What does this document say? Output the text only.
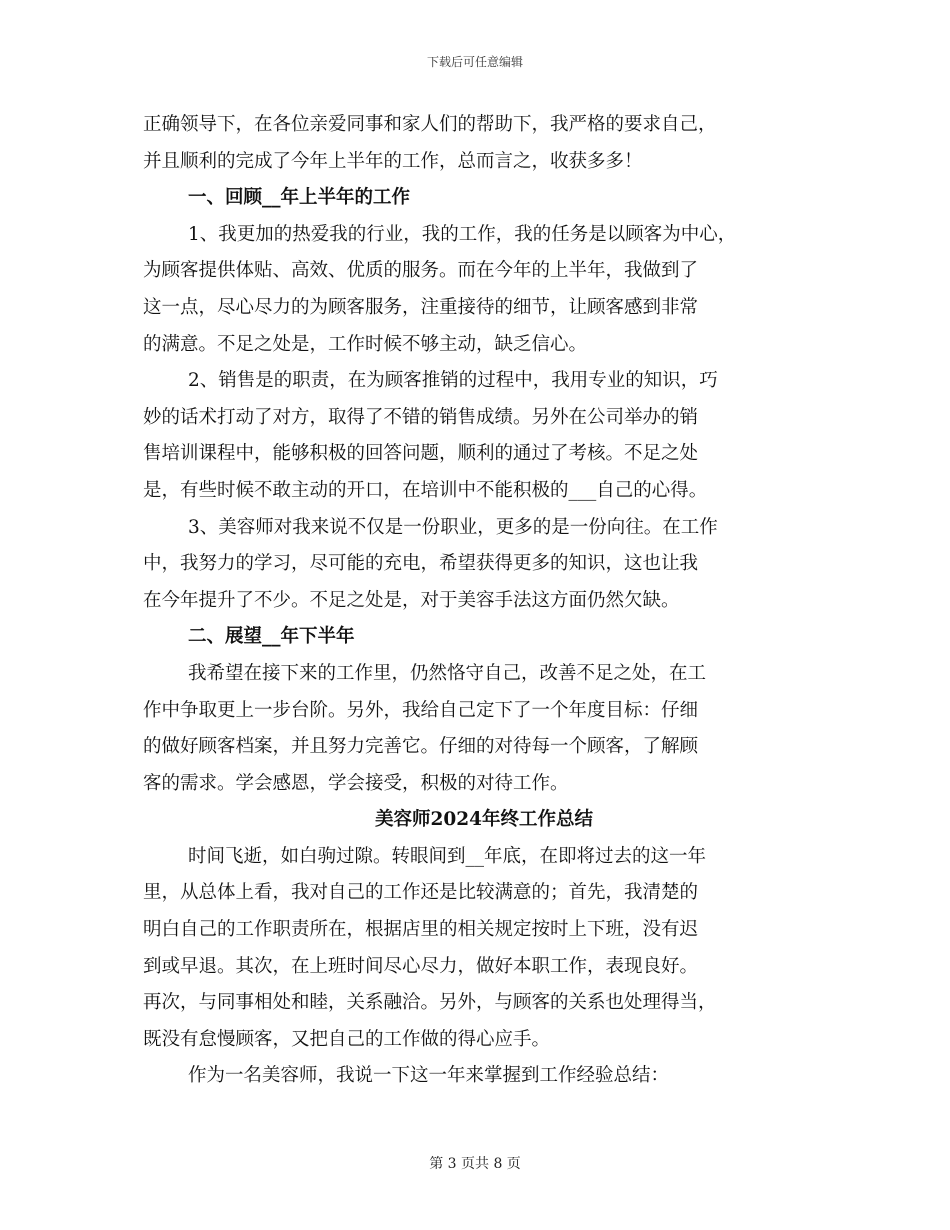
下载后可任意编辑

正确领导下，在各位亲爱同事和家人们的帮助下，我严格的要求自己，
并且顺利的完成了今年上半年的工作，总而言之，收获多多！

一、回顾__年上半年的工作

1、我更加的热爱我的行业，我的工作，我的任务是以顾客为中心，
为顾客提供体贴、高效、优质的服务。而在今年的上半年，我做到了
这一点，尽心尽力的为顾客服务，注重接待的细节，让顾客感到非常
的满意。不足之处是，工作时候不够主动，缺乏信心。

2、销售是的职责，在为顾客推销的过程中，我用专业的知识，巧
妙的话术打动了对方，取得了不错的销售成绩。另外在公司举办的销
售培训课程中，能够积极的回答问题，顺利的通过了考核。不足之处
是，有些时候不敢主动的开口，在培训中不能积极的___自己的心得。

3、美容师对我来说不仅是一份职业，更多的是一份向往。在工作
中，我努力的学习，尽可能的充电，希望获得更多的知识，这也让我
在今年提升了不少。不足之处是，对于美容手法这方面仍然欠缺。

二、展望__年下半年

我希望在接下来的工作里，仍然恪守自己，改善不足之处，在工
作中争取更上一步台阶。另外，我给自己定下了一个年度目标：仔细
的做好顾客档案，并且努力完善它。仔细的对待每一个顾客，了解顾
客的需求。学会感恩，学会接受，积极的对待工作。

美容师2024年终工作总结

时间飞逝，如白驹过隙。转眼间到__年底，在即将过去的这一年
里，从总体上看，我对自己的工作还是比较满意的；首先，我清楚的
明白自己的工作职责所在，根据店里的相关规定按时上下班，没有迟
到或早退。其次，在上班时间尽心尽力，做好本职工作，表现良好。
再次，与同事相处和睦，关系融洽。另外，与顾客的关系也处理得当，
既没有怠慢顾客，又把自己的工作做的得心应手。

作为一名美容师，我说一下这一年来掌握到工作经验总结：

第 3 页共 8 页
